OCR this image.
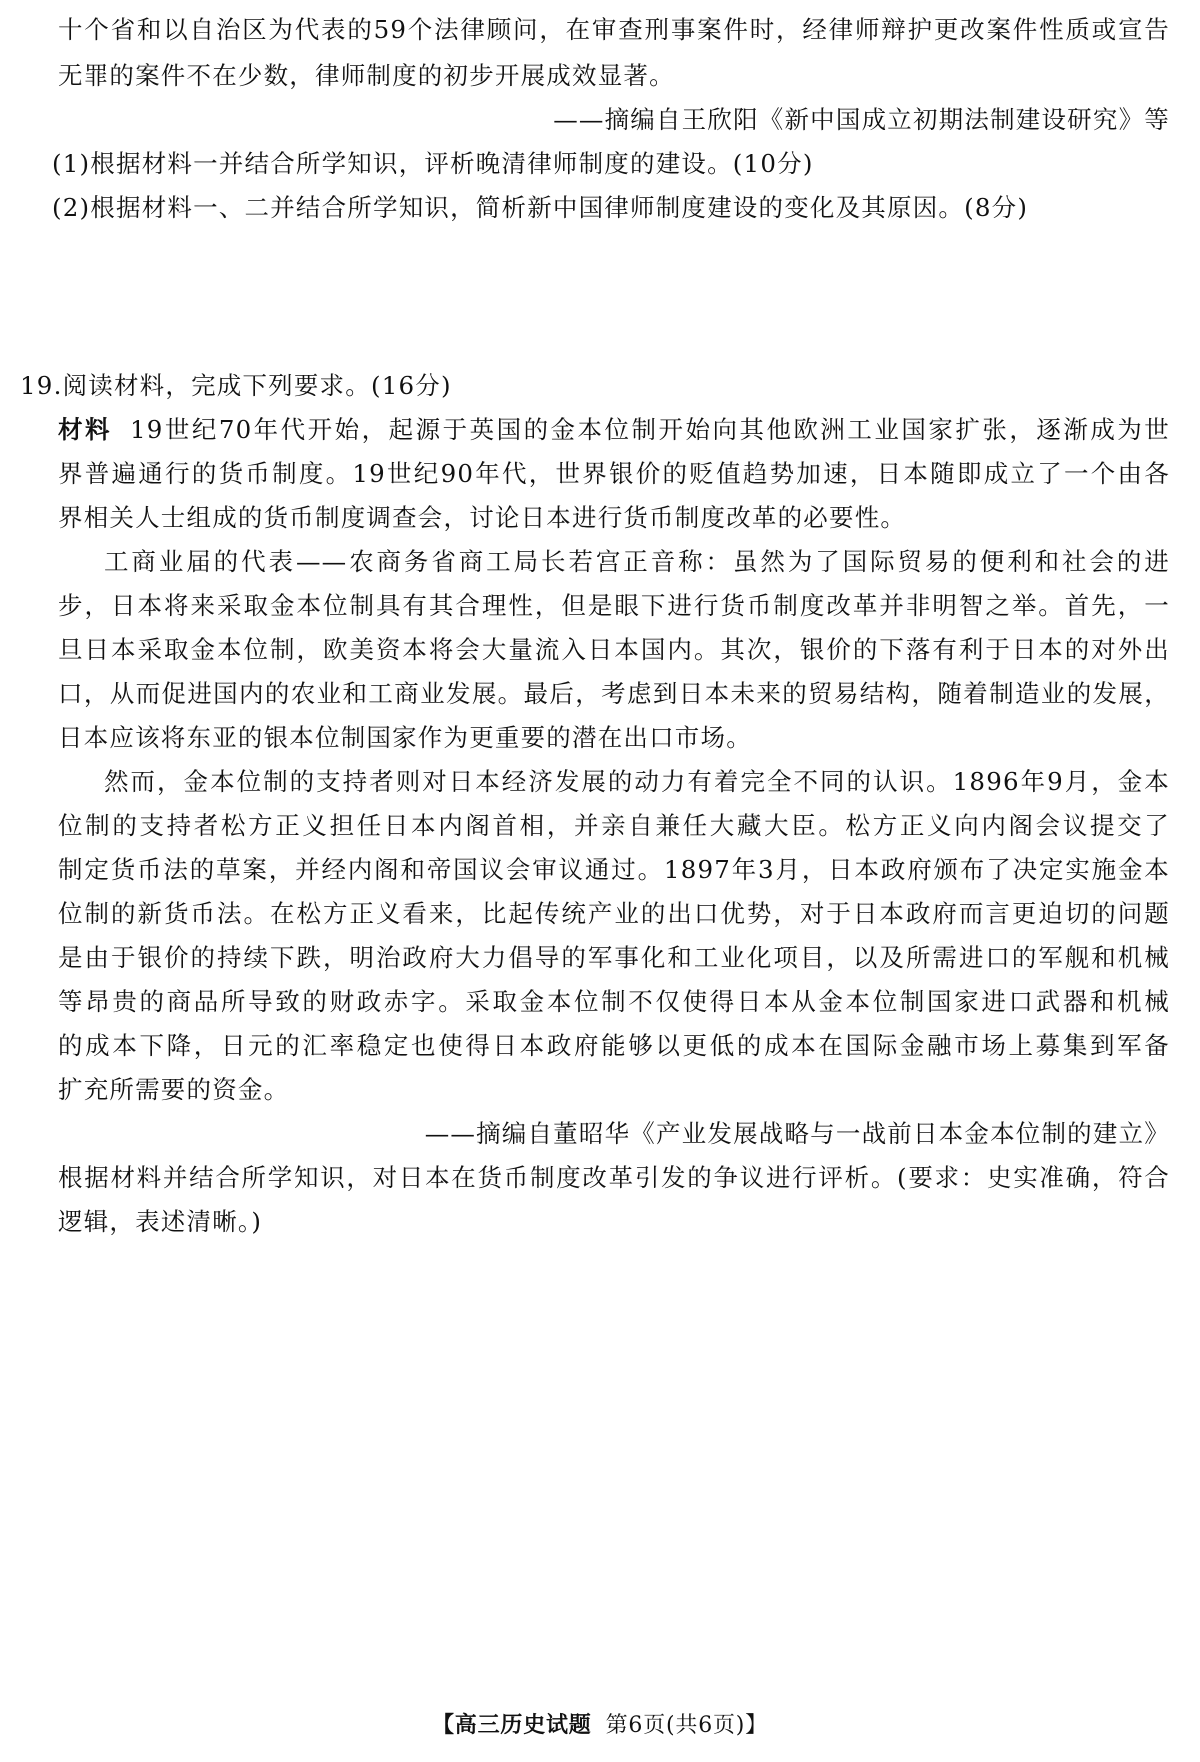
十个省和以自治区为代表的59个法律顾问，在审查刑事案件时，经律师辩护更改案件性质或宣告
无罪的案件不在少数，律师制度的初步开展成效显著。
——摘编自王欣阳《新中国成立初期法制建设研究》等
(1)根据材料一并结合所学知识，评析晚清律师制度的建设。(10分)
(2)根据材料一、二并结合所学知识，简析新中国律师制度建设的变化及其原因。(8分)
19.阅读材料，完成下列要求。(16分)
材料 19世纪70年代开始，起源于英国的金本位制开始向其他欧洲工业国家扩张，逐渐成为世
界普遍通行的货币制度。19世纪90年代，世界银价的贬值趋势加速，日本随即成立了一个由各
界相关人士组成的货币制度调查会，讨论日本进行货币制度改革的必要性。
工商业届的代表——农商务省商工局长若宫正音称：虽然为了国际贸易的便利和社会的进
步，日本将来采取金本位制具有其合理性，但是眼下进行货币制度改革并非明智之举。首先，一
旦日本采取金本位制，欧美资本将会大量流入日本国内。其次，银价的下落有利于日本的对外出
口，从而促进国内的农业和工商业发展。最后，考虑到日本未来的贸易结构，随着制造业的发展，
日本应该将东亚的银本位制国家作为更重要的潜在出口市场。
然而，金本位制的支持者则对日本经济发展的动力有着完全不同的认识。1896年9月，金本
位制的支持者松方正义担任日本内阁首相，并亲自兼任大藏大臣。松方正义向内阁会议提交了
制定货币法的草案，并经内阁和帝国议会审议通过。1897年3月，日本政府颁布了决定实施金本
位制的新货币法。在松方正义看来，比起传统产业的出口优势，对于日本政府而言更迫切的问题
是由于银价的持续下跌，明治政府大力倡导的军事化和工业化项目，以及所需进口的军舰和机械
等昂贵的商品所导致的财政赤字。采取金本位制不仅使得日本从金本位制国家进口武器和机械
的成本下降，日元的汇率稳定也使得日本政府能够以更低的成本在国际金融市场上募集到军备
扩充所需要的资金。
——摘编自董昭华《产业发展战略与一战前日本金本位制的建立》
根据材料并结合所学知识，对日本在货币制度改革引发的争议进行评析。(要求：史实准确，符合
逻辑，表述清晰。)
【高三历史试题 第6页(共6页)】
